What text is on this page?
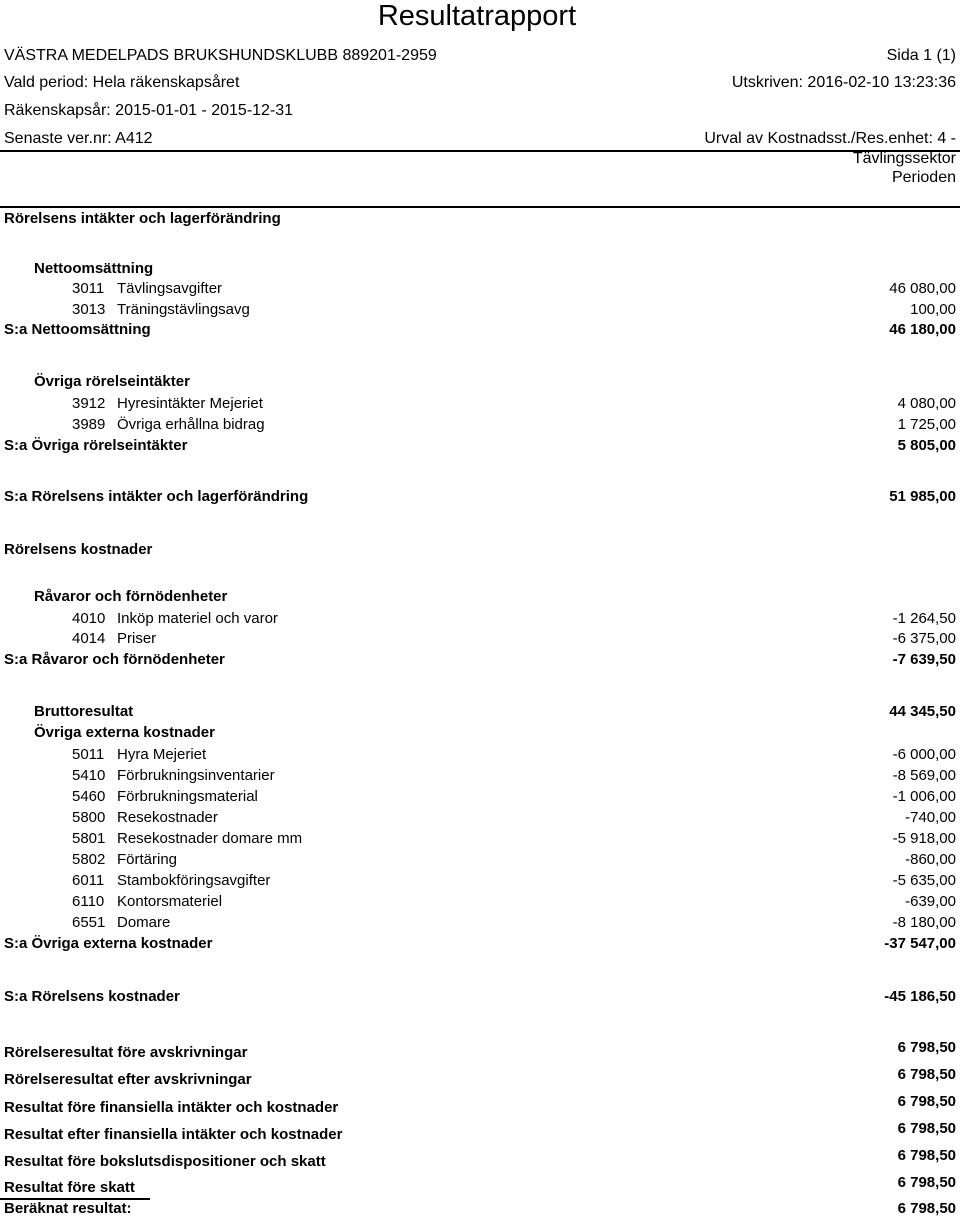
Resultatrapport
VÄSTRA MEDELPADS BRUKSHUNDSKLUBB 889201-2959	Sida 1 (1)
Vald period: Hela räkenskapsåret	Utskriven: 2016-02-10 13:23:36
Räkenskapsår: 2015-01-01 - 2015-12-31
Senaste ver.nr: A412	Urval av Kostnadsst./Res.enhet: 4 -
Tävlingssektor
Perioden
Rörelsens intäkter och lagerförändring
Nettoomsättning
3011 Tävlingsavgifter	46 080,00
3013 Träningstävlingsavg	100,00
S:a Nettoomsättning	46 180,00
Övriga rörelseintäkter
3912 Hyresintäkter Mejeriet	4 080,00
3989 Övriga erhållna bidrag	1 725,00
S:a Övriga rörelseintäkter	5 805,00
S:a Rörelsens intäkter och lagerförändring	51 985,00
Rörelsens kostnader
Råvaror och förnödenheter
4010 Inköp materiel och varor	-1 264,50
4014 Priser	-6 375,00
S:a Råvaror och förnödenheter	-7 639,50
Bruttoresultat	44 345,50
Övriga externa kostnader
5011 Hyra Mejeriet	-6 000,00
5410 Förbrukningsinventarier	-8 569,00
5460 Förbrukningsmaterial	-1 006,00
5800 Resekostnader	-740,00
5801 Resekostnader domare mm	-5 918,00
5802 Förtäring	-860,00
6011 Stambokföringsavgifter	-5 635,00
6110 Kontorsmateriel	-639,00
6551 Domare	-8 180,00
S:a Övriga externa kostnader	-37 547,00
S:a Rörelsens kostnader	-45 186,50
Rörelseresultat före avskrivningar	6 798,50
Rörelseresultat efter avskrivningar	6 798,50
Resultat före finansiella intäkter och kostnader	6 798,50
Resultat efter finansiella intäkter och kostnader	6 798,50
Resultat före bokslutsdispositioner och skatt	6 798,50
Resultat före skatt	6 798,50
Beräknat resultat:	6 798,50
